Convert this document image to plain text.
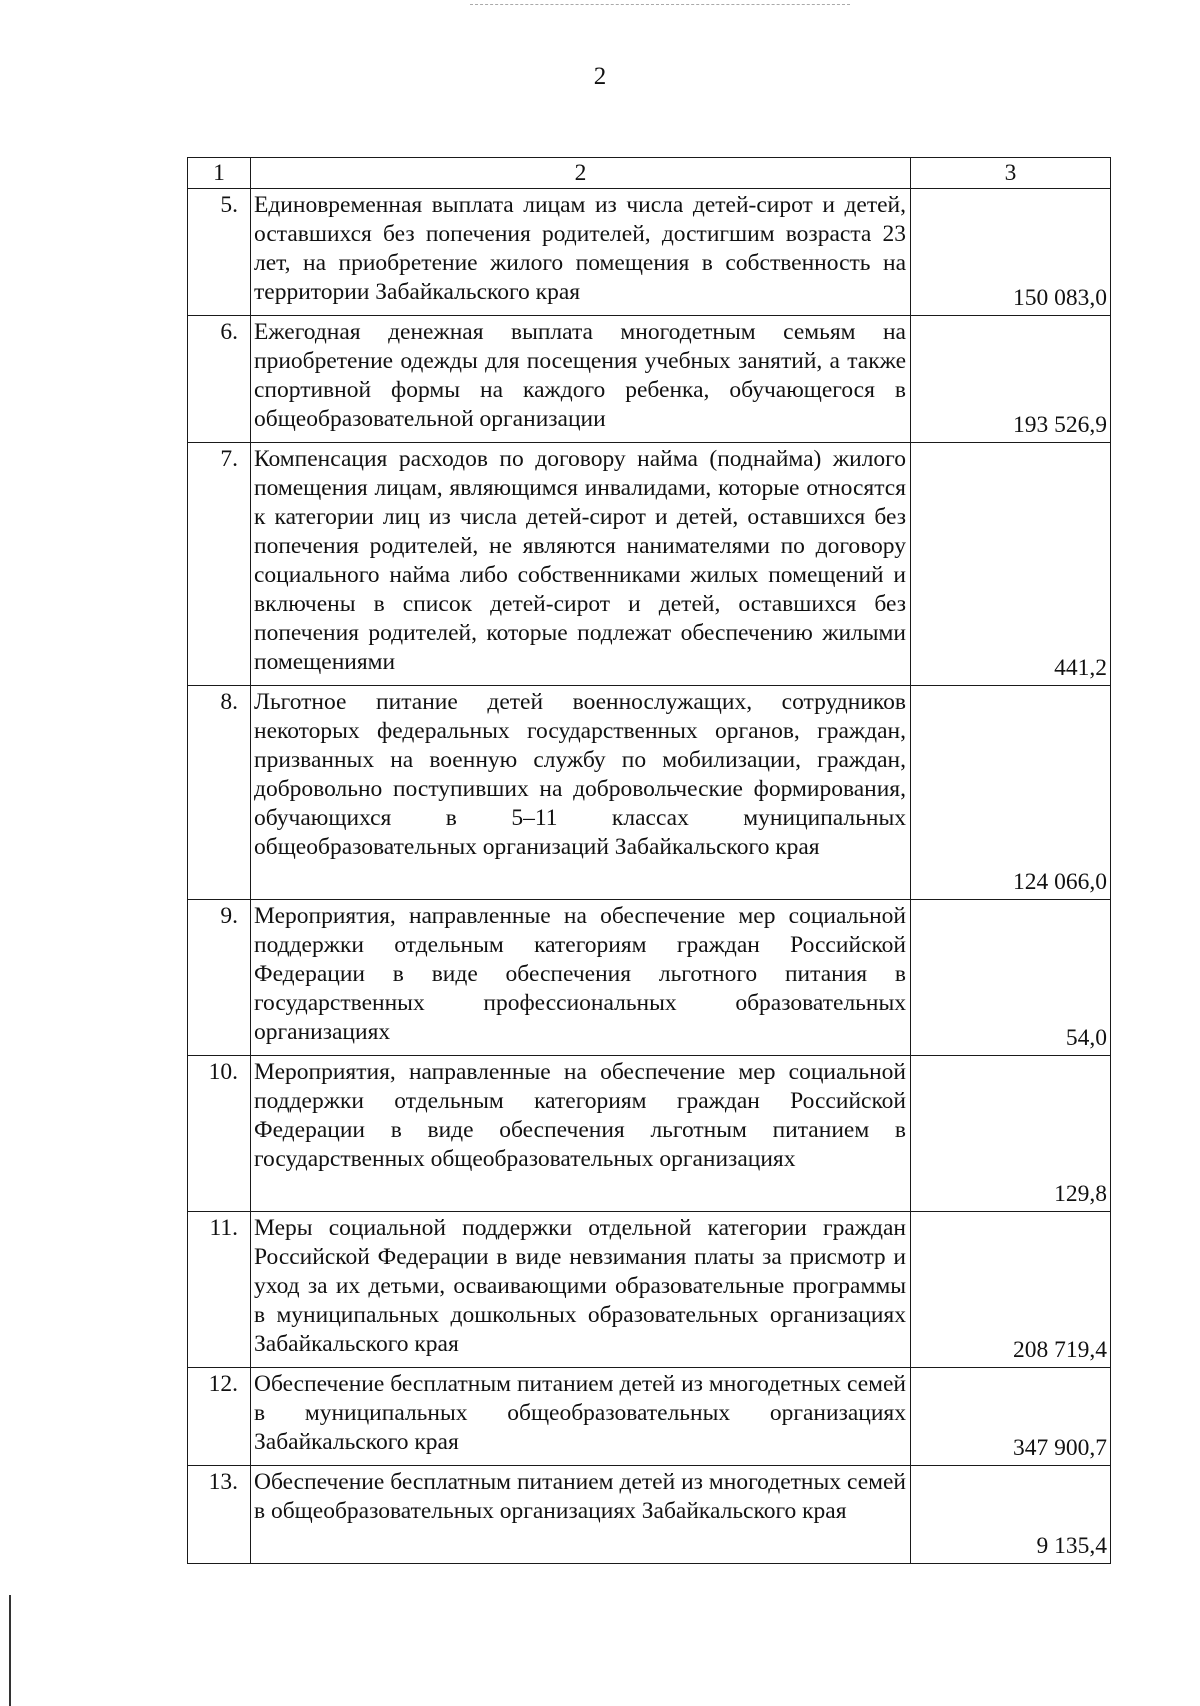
2
1	2	3
5.	Единовременная выплата лицам из числа детей-сирот и детей, оставшихся без попечения родителей, достигшим возраста 23 лет, на приобретение жилого помещения в собственность на территории Забайкальского края	150 083,0
6.	Ежегодная денежная выплата многодетным семьям на приобретение одежды для посещения учебных занятий, а также спортивной формы на каждого ребенка, обучающегося в общеобразовательной организации	193 526,9
7.	Компенсация расходов по договору найма (поднайма) жилого помещения лицам, являющимся инвалидами, которые относятся к категории лиц из числа детей-сирот и детей, оставшихся без попечения родителей, не являются нанимателями по договору социального найма либо собственниками жилых помещений и включены в список детей-сирот и детей, оставшихся без попечения родителей, которые подлежат обеспечению жилыми помещениями	441,2
8.	Льготное питание детей военнослужащих, сотрудников некоторых федеральных государственных органов, граждан, призванных на военную службу по мобилизации, граждан, добровольно поступивших на добровольческие формирования, обучающихся в 5–11 классах муниципальных общеобразовательных организаций Забайкальского края	124 066,0
9.	Мероприятия, направленные на обеспечение мер социальной поддержки отдельным категориям граждан Российской Федерации в виде обеспечения льготного питания в государственных профессиональных образовательных организациях	54,0
10.	Мероприятия, направленные на обеспечение мер социальной поддержки отдельным категориям граждан Российской Федерации в виде обеспечения льготным питанием в государственных общеобразовательных организациях	129,8
11.	Меры социальной поддержки отдельной категории граждан Российской Федерации в виде невзимания платы за присмотр и уход за их детьми, осваивающими образовательные программы в муниципальных дошкольных образовательных организациях Забайкальского края	208 719,4
12.	Обеспечение бесплатным питанием детей из многодетных семей в муниципальных общеобразовательных организациях Забайкальского края	347 900,7
13.	Обеспечение бесплатным питанием детей из многодетных семей в общеобразовательных организациях Забайкальского края	9 135,4
